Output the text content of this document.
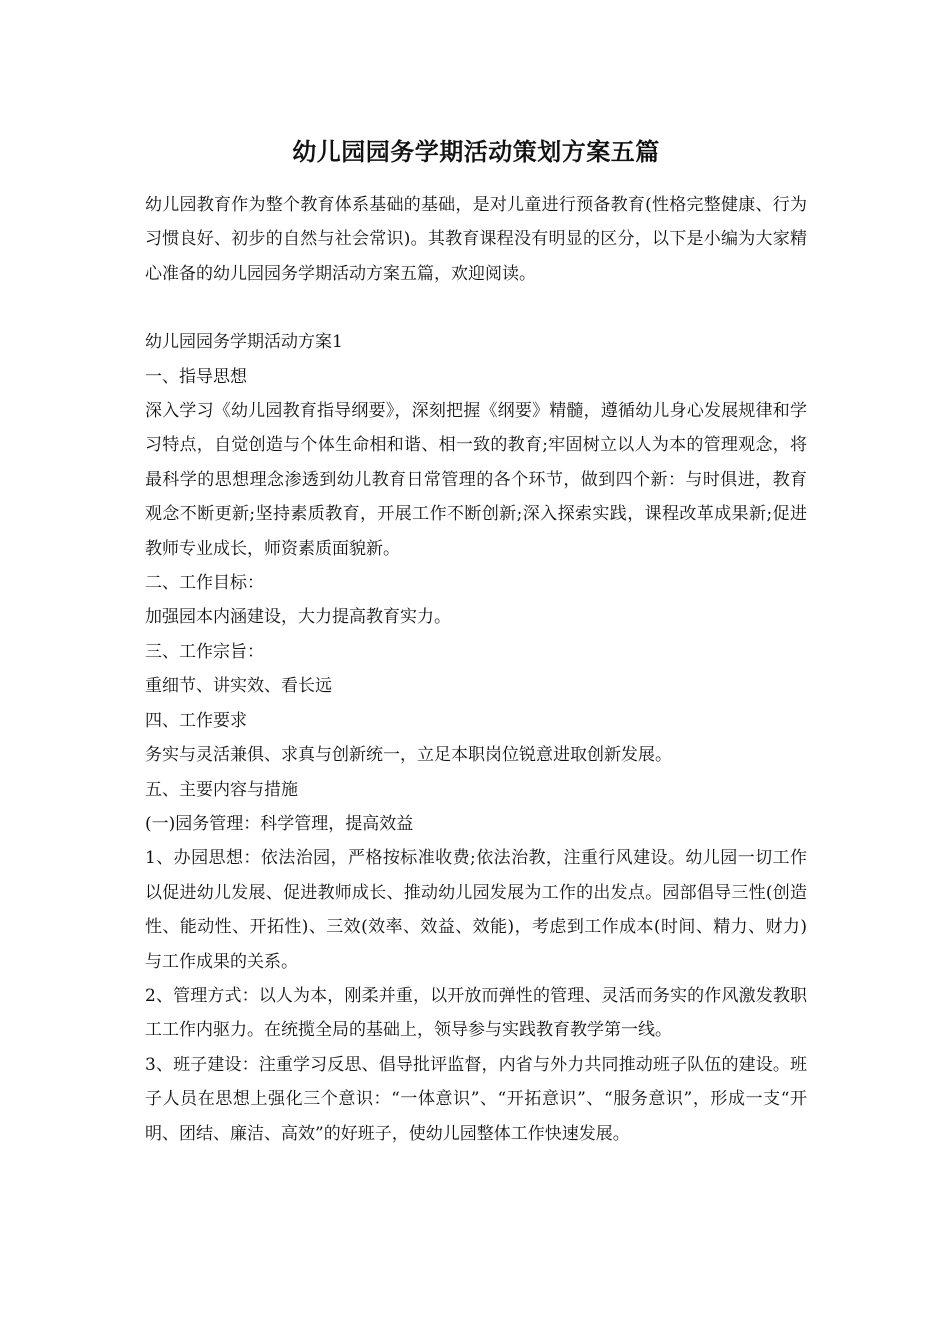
幼儿园园务学期活动策划方案五篇

幼儿园教育作为整个教育体系基础的基础，是对儿童进行预备教育(性格完整健康、行为习惯良好、初步的自然与社会常识)。其教育课程没有明显的区分，以下是小编为大家精心准备的幼儿园园务学期活动方案五篇，欢迎阅读。

幼儿园园务学期活动方案1

一、指导思想

深入学习《幼儿园教育指导纲要》，深刻把握《纲要》精髓，遵循幼儿身心发展规律和学习特点，自觉创造与个体生命相和谐、相一致的教育;牢固树立以人为本的管理观念，将最科学的思想理念渗透到幼儿教育日常管理的各个环节，做到四个新：与时俱进，教育观念不断更新;坚持素质教育，开展工作不断创新;深入探索实践，课程改革成果新;促进教师专业成长，师资素质面貌新。

二、工作目标：

加强园本内涵建设，大力提高教育实力。

三、工作宗旨：

重细节、讲实效、看长远

四、工作要求

务实与灵活兼俱、求真与创新统一，立足本职岗位锐意进取创新发展。

五、主要内容与措施

(一)园务管理：科学管理，提高效益

1、办园思想：依法治园，严格按标准收费;依法治教，注重行风建设。幼儿园一切工作以促进幼儿发展、促进教师成长、推动幼儿园发展为工作的出发点。园部倡导三性(创造性、能动性、开拓性)、三效(效率、效益、效能)，考虑到工作成本(时间、精力、财力)与工作成果的关系。

2、管理方式：以人为本，刚柔并重，以开放而弹性的管理、灵活而务实的作风激发教职工工作内驱力。在统揽全局的基础上，领导参与实践教育教学第一线。

3、班子建设：注重学习反思、倡导批评监督，内省与外力共同推动班子队伍的建设。班子人员在思想上强化三个意识：“一体意识”、“开拓意识”、“服务意识”，形成一支“开明、团结、廉洁、高效”的好班子，使幼儿园整体工作快速发展。
